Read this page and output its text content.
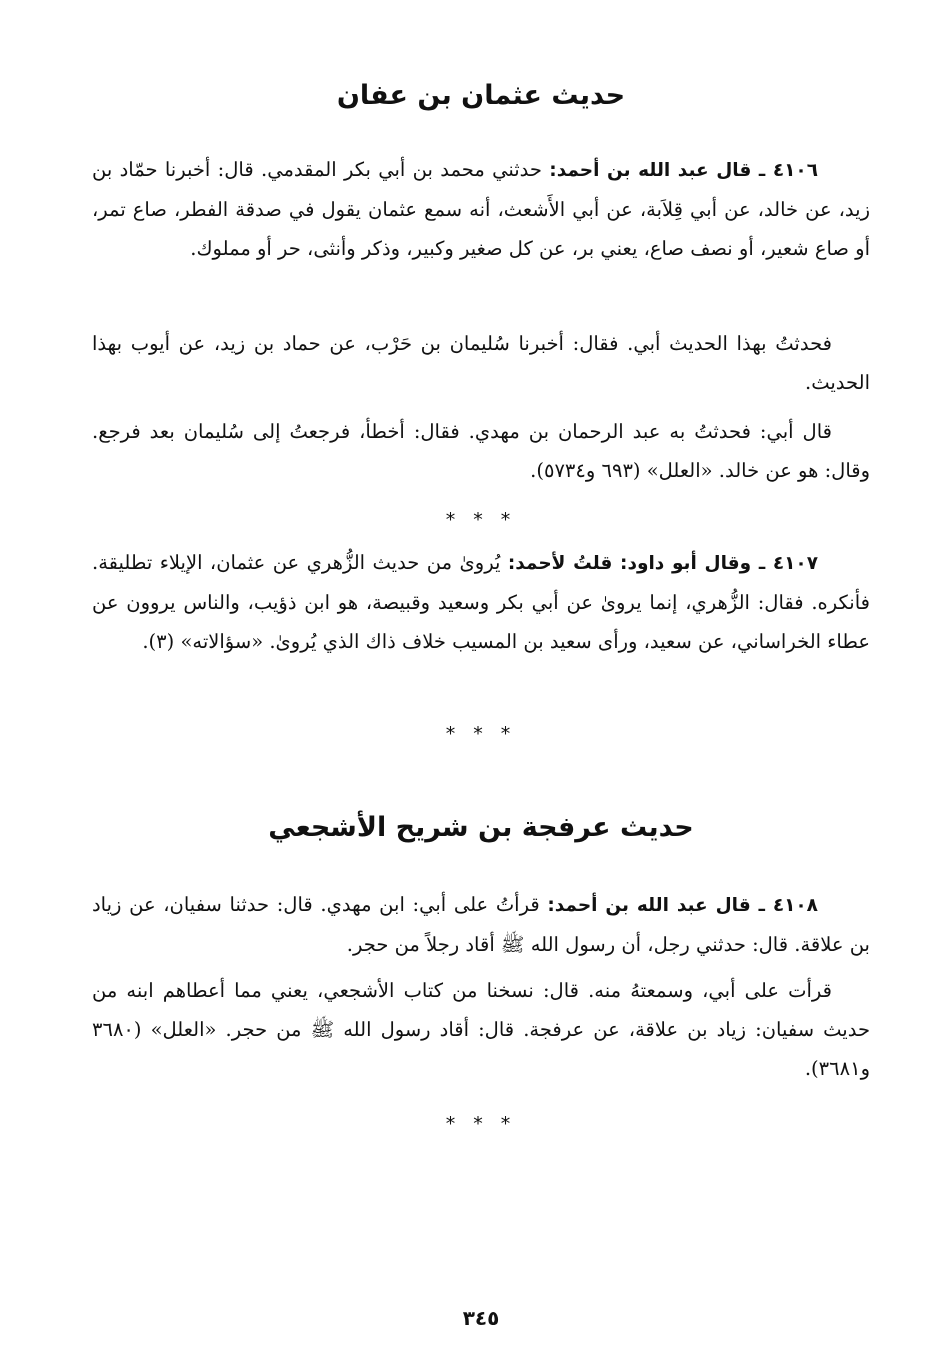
حديث عثمان بن عفان

٤١٠٦ ـ قال عبد الله بن أحمد: حدثني محمد بن أبي بكر المقدمي. قال: أخبرنا حمّاد بن زيد، عن خالد، عن أبي قِلاَبة، عن أبي الأَشعث، أنه سمع عثمان يقول في صدقة الفطر، صاع تمر، أو صاع شعير، أو نصف صاع، يعني بر، عن كل صغير وكبير، وذكر وأنثى، حر أو مملوك.

فحدثتُ بهذا الحديث أبي. فقال: أخبرنا سُليمان بن حَرْب، عن حماد بن زيد، عن أيوب بهذا الحديث.

قال أبي: فحدثتُ به عبد الرحمان بن مهدي. فقال: أخطأ، فرجعتُ إلى سُليمان بعد فرجع. وقال: هو عن خالد. «العلل» (٦٩٣ و٥٧٣٤).

* * *

٤١٠٧ ـ وقال أبو داود: قلتُ لأحمد: يُروىٰ من حديث الزُّهري عن عثمان، الإيلاء تطليقة. فأنكره. فقال: الزُّهري، إنما يروىٰ عن أبي بكر وسعيد وقبيصة، هو ابن ذؤيب، والناس يروون عن عطاء الخراساني، عن سعيد، ورأى سعيد بن المسيب خلاف ذاك الذي يُروىٰ. «سؤالاته» (٣).

* * *
حديث عرفجة بن شريح الأشجعي

٤١٠٨ ـ قال عبد الله بن أحمد: قرأتُ على أبي: ابن مهدي. قال: حدثنا سفيان، عن زياد بن علاقة. قال: حدثني رجل، أن رسول الله ﷺ أقاد رجلاً من حجر.

قرأت على أبي، وسمعتهُ منه. قال: نسخنا من كتاب الأشجعي، يعني مما أعطاهم ابنه من حديث سفيان: زياد بن علاقة، عن عرفجة. قال: أقاد رسول الله ﷺ من حجر. «العلل» (٣٦٨٠ و٣٦٨١).

* * *
٣٤٥
